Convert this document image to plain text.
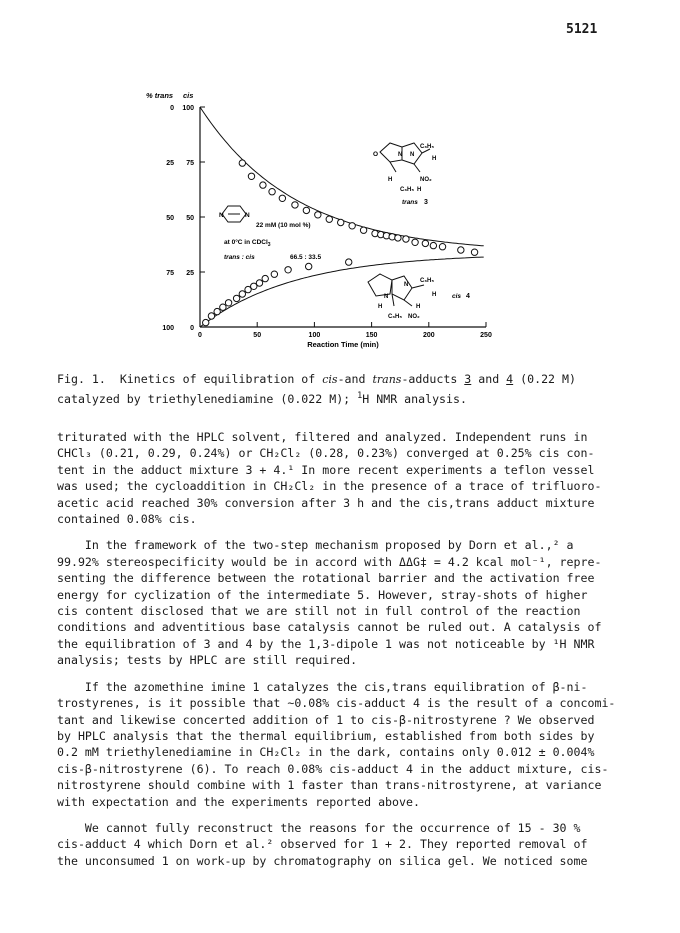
5121
% trans cis
0 100
25 75
50 50
75 25
100 0
0	50	100	150	200	250
Reaction Time (min)
N	N
22 mM (10 mol %)
at 0°C in CDCl$_3$
trans : cis	66.5 : 33.5
O	N N
C₆H₅
H
H	NO₂
C₆H₅ H
trans 3
N
N
C₆H₅
H
H	H
C₆H₅ NO₂
cis 4
Fig. 1.  Kinetics of equilibration of cis-and trans-adducts 3 and 4 (0.22 M)
catalyzed by triethylenediamine (0.022 M); $^1$H NMR analysis.

triturated with the HPLC solvent, filtered and analyzed. Independent runs in

CHCl₃ (0.21, 0.29, 0.24%) or CH₂Cl₂ (0.28, 0.23%) converged at 0.25% cis con-

tent in the adduct mixture 3 + 4.¹ In more recent experiments a teflon vessel

was used; the cycloaddition in CH₂Cl₂ in the presence of a trace of trifluoro-

acetic acid reached 30% conversion after 3 h and the cis,trans adduct mixture

contained 0.08% cis.

In the framework of the two-step mechanism proposed by Dorn et al.,² a

99.92% stereospecificity would be in accord with ΔΔG‡ = 4.2 kcal mol⁻¹, repre-

senting the difference between the rotational barrier and the activation free

energy for cyclization of the intermediate 5. However, stray-shots of higher

cis content disclosed that we are still not in full control of the reaction

conditions and adventitious base catalysis cannot be ruled out. A catalysis of

the equilibration of 3 and 4 by the 1,3-dipole 1 was not noticeable by ¹H NMR

analysis; tests by HPLC are still required.

If the azomethine imine 1 catalyzes the cis,trans equilibration of β-ni-

trostyrenes, is it possible that ∼0.08% cis-adduct 4 is the result of a concomi-

tant and likewise concerted addition of 1 to cis-β-nitrostyrene ? We observed

by HPLC analysis that the thermal equilibrium, established from both sides by

0.2 mM triethylenediamine in CH₂Cl₂ in the dark, contains only 0.012 ± 0.004%

cis-β-nitrostyrene (6). To reach 0.08% cis-adduct 4 in the adduct mixture, cis-

nitrostyrene should combine with 1 faster than trans-nitrostyrene, at variance

with expectation and the experiments reported above.

We cannot fully reconstruct the reasons for the occurrence of 15 - 30 %

cis-adduct 4 which Dorn et al.² observed for 1 + 2. They reported removal of

the unconsumed 1 on work-up by chromatography on silica gel. We noticed some
